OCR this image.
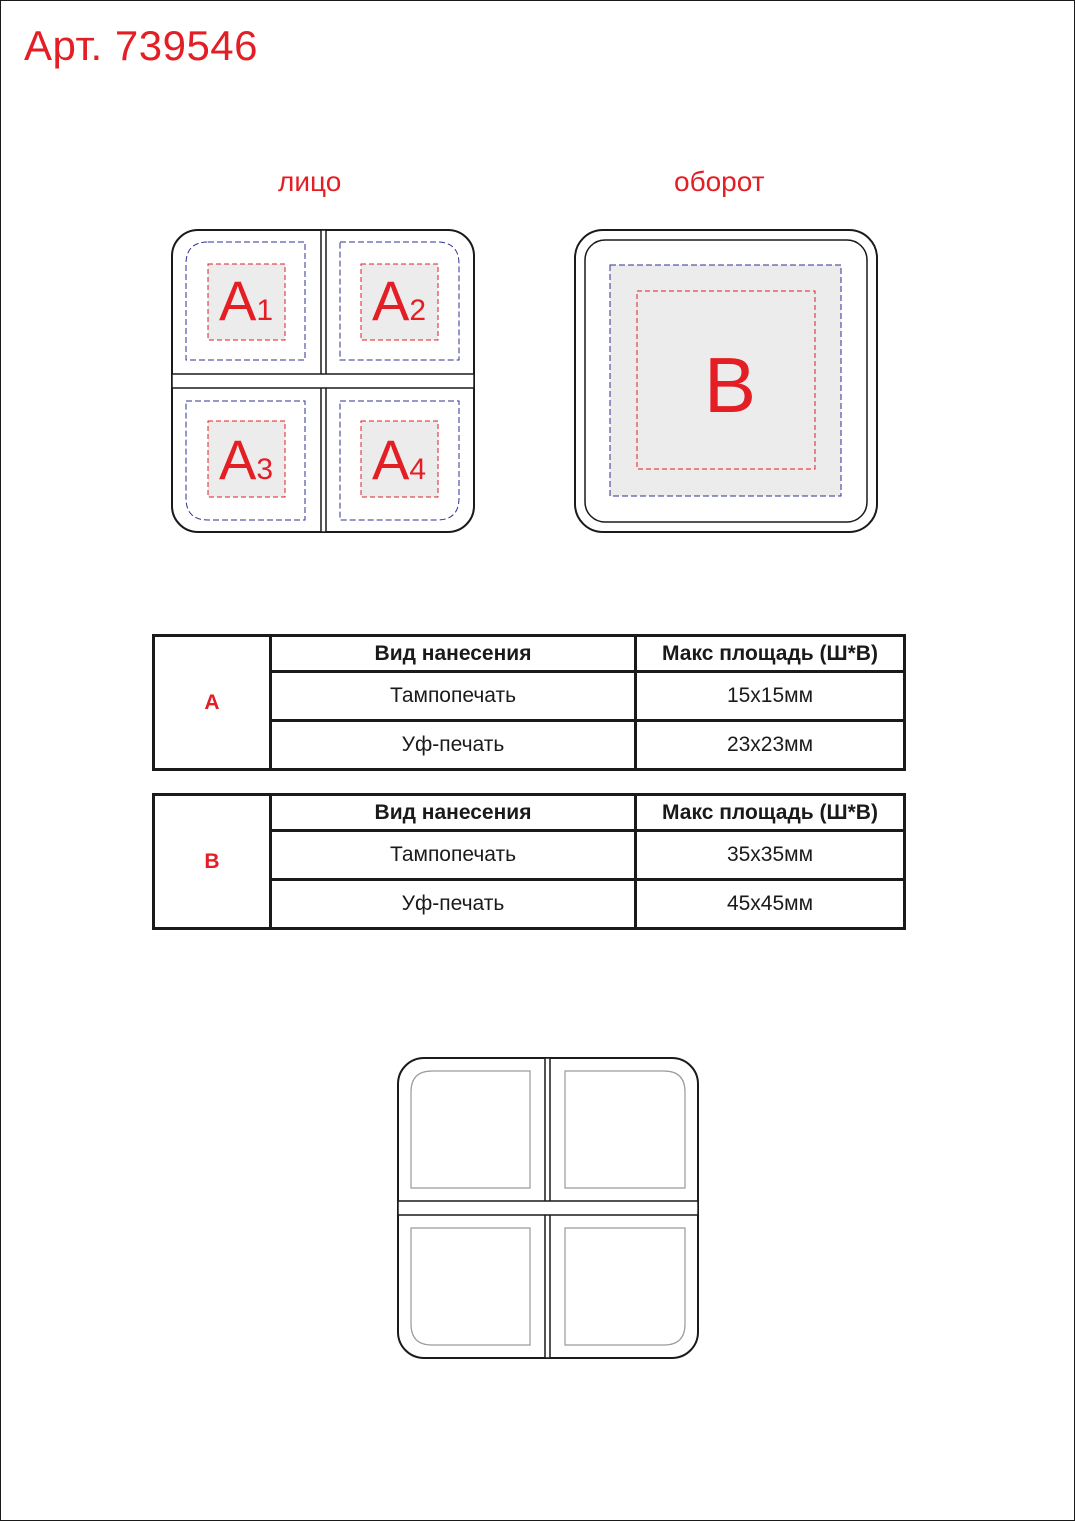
Арт. 739546
лицо	оборот
A1 A2
A3 A4
B
A	Вид нанесения	Макс площадь (Ш*В)
	Тампопечать	15x15мм
	Уф-печать	23x23мм
B	Вид нанесения	Макс площадь (Ш*В)
	Тампопечать	35x35мм
	Уф-печать	45x45мм
